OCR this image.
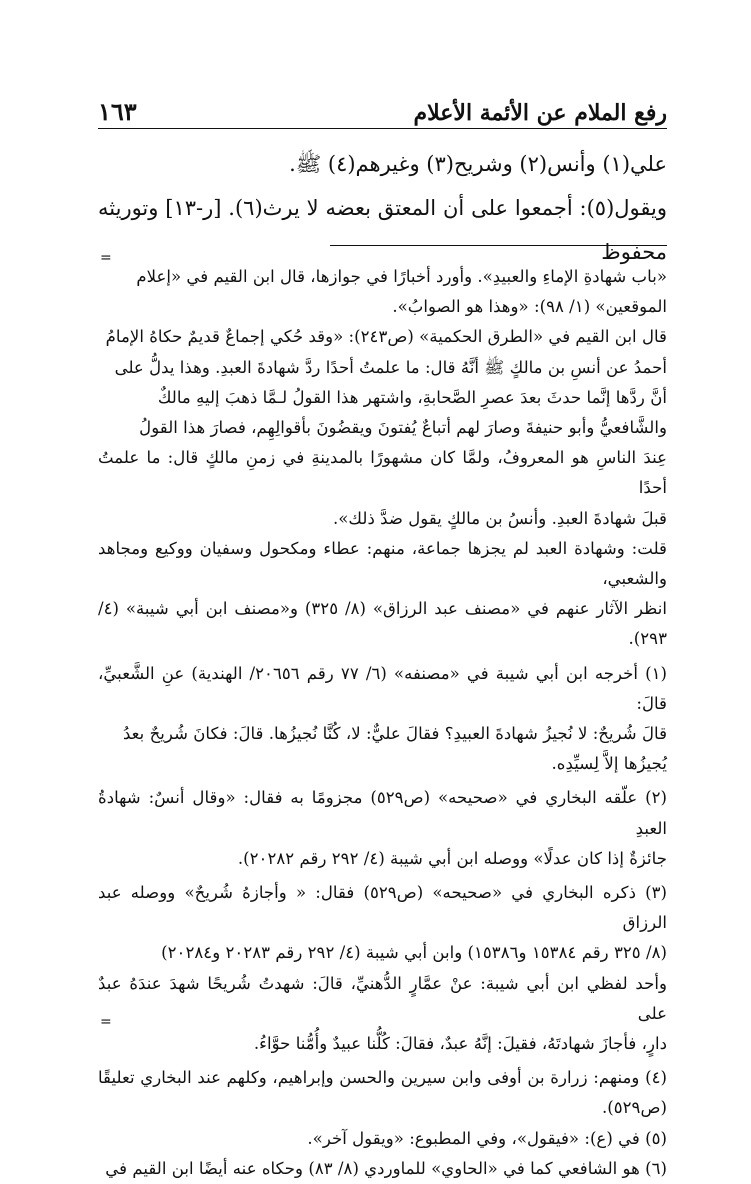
١٦٣	رفع الملام عن الأئمة الأعلام

علي(١) وأنس(٢) وشريح(٣) وغيرهم(٤) ﷺ.

ويقول(٥): أجمعوا على أن المعتق بعضه لا يرث(٦). [ر-١٣] وتوريثه محفوظ

=

«باب شهادةِ الإماءِ والعبيدِ». وأورد أخبارًا في جوازها، قال ابن القيم في «إعلام

الموقعين» (١/ ٩٨): «وهذا هو الصوابُ».

قال ابن القيم في «الطرق الحكمية» (ص٢٤٣): «وقد حُكي إجماعٌ قديمٌ حكاهُ الإمامُ

أحمدُ عن أنسِ بن مالكٍ ﷺ أنَّهُ قال: ما علمتُ أحدًا ردَّ شهادةَ العبدِ. وهذا يدلُّ على

أنَّ ردَّها إنَّما حدثَ بعدَ عصرِ الصَّحابةِ، واشتهر هذا القولُ لـمَّا ذهبَ إليهِ مالكٌ

والشَّافعيُّ وأبو حنيفةَ وصارَ لهم أتباعٌ يُفتونَ ويقضُونَ بأقوالِهِم، فصارَ هذا القولُ

عِندَ الناسِ هو المعروفُ، ولمَّا كان مشهورًا بالمدينةِ في زمنِ مالكٍ قال: ما علمتُ أحدًا

قبلَ شهادةَ العبدِ. وأنسُ بن مالكٍ يقول ضدَّ ذلك».

قلت: وشهادة العبد لم يجزها جماعة، منهم: عطاء ومكحول وسفيان ووكيع ومجاهد والشعبي،

انظر الآثار عنهم في «مصنف عبد الرزاق» (٨/ ٣٢٥) و«مصنف ابن أبي شيبة» (٤/ ٢٩٣).

(١) أخرجه ابن أبي شيبة في «مصنفه» (٦/ ٧٧ رقم ٢٠٦٥٦/ الهندية) عنِ الشَّعبيِّ، قالَ:

قالَ شُريحٌ: لا نُجيزُ شهادةَ العبيدِ؟ فقالَ عليٌّ: لا، كُنَّا نُجيزُها. قالَ: فكانَ شُريحٌ بعدُ

يُجيزُها إلاَّ لِسيِّدِه.

(٢) علّقه البخاري في «صحيحه» (ص٥٢٩) مجزومًا به فقال: «وقال أنسٌ: شهادةُ العبدِ

جائزةٌ إذا كان عدلًا» ووصله ابن أبي شيبة (٤/ ٢٩٢ رقم ٢٠٢٨٢).

(٣) ذكره البخاري في «صحيحه» (ص٥٢٩) فقال: « وأجازهُ شُريحٌ» ووصله عبد الرزاق

(٨/ ٣٢٥ رقم ١٥٣٨٤ و١٥٣٨٦) وابن أبي شيبة (٤/ ٢٩٢ رقم ٢٠٢٨٣ و٢٠٢٨٤)

وأحد لفظي ابن أبي شيبة: عنْ عمَّارٍ الدُّهنيِّ، قالَ: شهدتُ شُريحًا شهدَ عندَهُ عبدٌ على

دارٍ، فأجازَ شهادتَهُ، فقيلَ: إنَّهُ عبدٌ، فقالَ: كُلُّنا عبيدٌ وأُمُّنا حوَّاءُ.

(٤) ومنهم: زرارة بن أوفى وابن سيرين والحسن وإبراهيم، وكلهم عند البخاري تعليقًا (ص٥٢٩).

(٥) في (ع): «فيقول»، وفي المطبوع: «ويقول آخر».

(٦) هو الشافعي كما في «الحاوي» للماوردي (٨/ ٨٣) وحكاه عنه أيضًا ابن القيم في

=
